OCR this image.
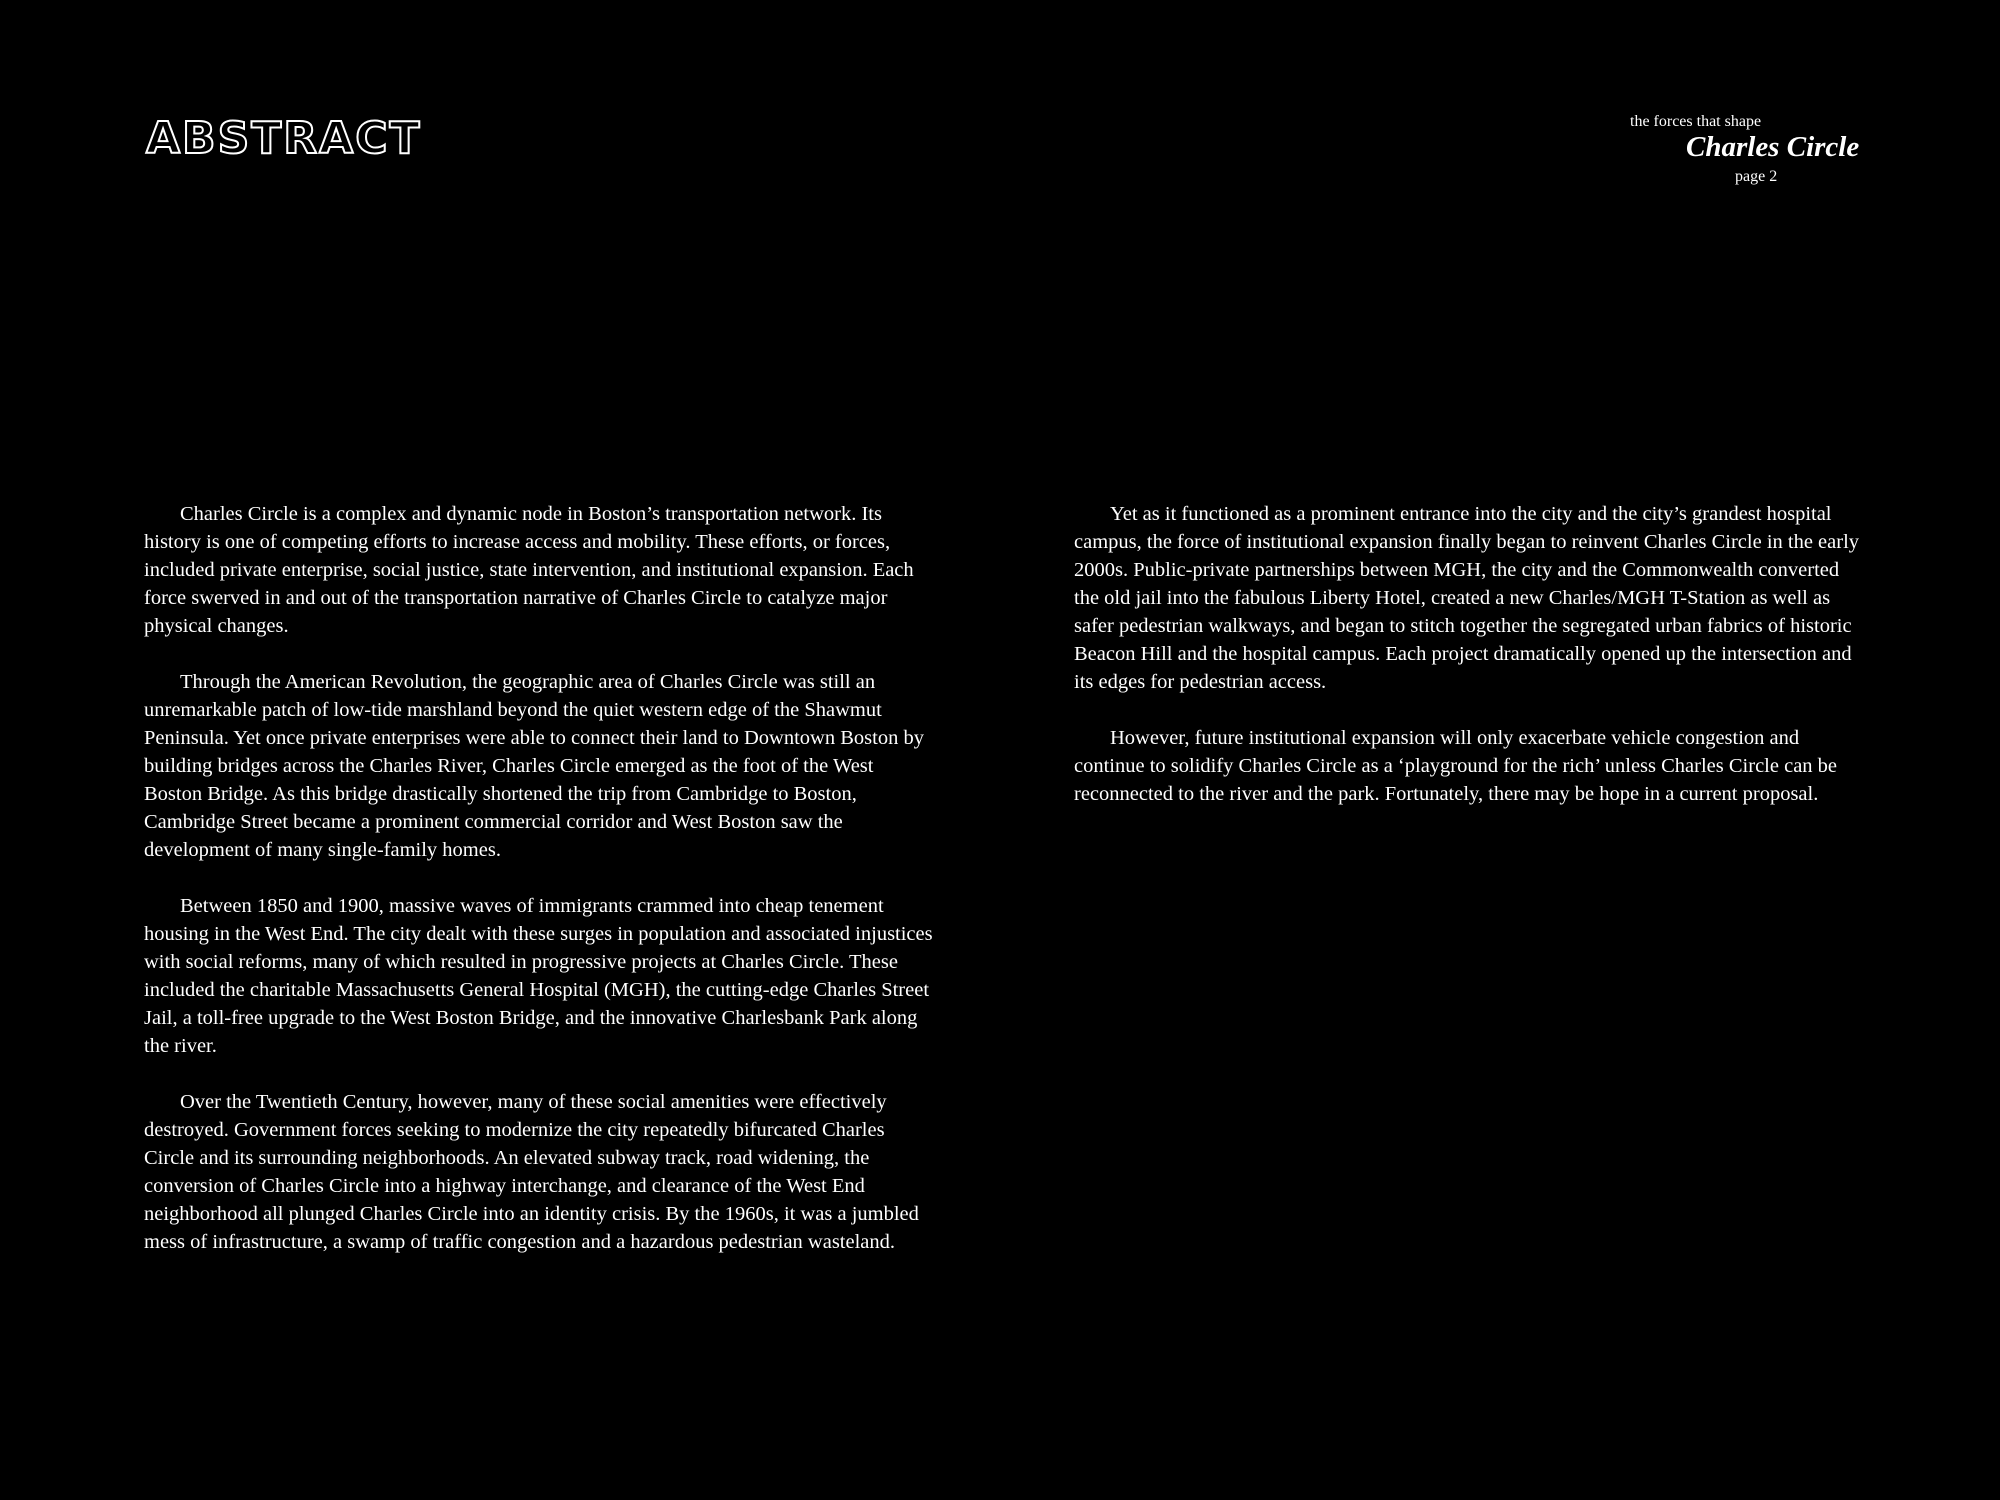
ABSTRACT	the forces that shape
Charles Circle
page 2

Charles Circle is a complex and dynamic node in Boston’s transportation network. Its history is one of competing efforts to increase access and mobility. These efforts, or forces, included private enterprise, social justice, state intervention, and institutional expansion. Each force swerved in and out of the transportation narrative of Charles Circle to catalyze major physical changes.

Through the American Revolution, the geographic area of Charles Circle was still an unremarkable patch of low-tide marshland beyond the quiet western edge of the Shawmut Peninsula. Yet once private enterprises were able to connect their land to Downtown Boston by building bridges across the Charles River, Charles Circle emerged as the foot of the West Boston Bridge. As this bridge drastically shortened the trip from Cambridge to Boston, Cambridge Street became a prominent commercial corridor and West Boston saw the development of many single-family homes.

Between 1850 and 1900, massive waves of immigrants crammed into cheap tenement housing in the West End. The city dealt with these surges in population and associated injustices with social reforms, many of which resulted in progressive projects at Charles Circle. These included the charitable Massachusetts General Hospital (MGH), the cutting-edge Charles Street Jail, a toll-free upgrade to the West Boston Bridge, and the innovative Charlesbank Park along the river.

Over the Twentieth Century, however, many of these social amenities were effectively destroyed. Government forces seeking to modernize the city repeatedly bifurcated Charles Circle and its surrounding neighborhoods. An elevated subway track, road widening, the conversion of Charles Circle into a highway interchange, and clearance of the West End neighborhood all plunged Charles Circle into an identity crisis. By the 1960s, it was a jumbled mess of infrastructure, a swamp of traffic congestion and a hazardous pedestrian wasteland.

Yet as it functioned as a prominent entrance into the city and the city’s grandest hospital campus, the force of institutional expansion finally began to reinvent Charles Circle in the early 2000s. Public-private partnerships between MGH, the city and the Commonwealth converted the old jail into the fabulous Liberty Hotel, created a new Charles/MGH T-Station as well as safer pedestrian walkways, and began to stitch together the segregated urban fabrics of historic Beacon Hill and the hospital campus. Each project dramatically opened up the intersection and its edges for pedestrian access.

However, future institutional expansion will only exacerbate vehicle congestion and continue to solidify Charles Circle as a ‘playground for the rich’ unless Charles Circle can be reconnected to the river and the park. Fortunately, there may be hope in a current proposal.
